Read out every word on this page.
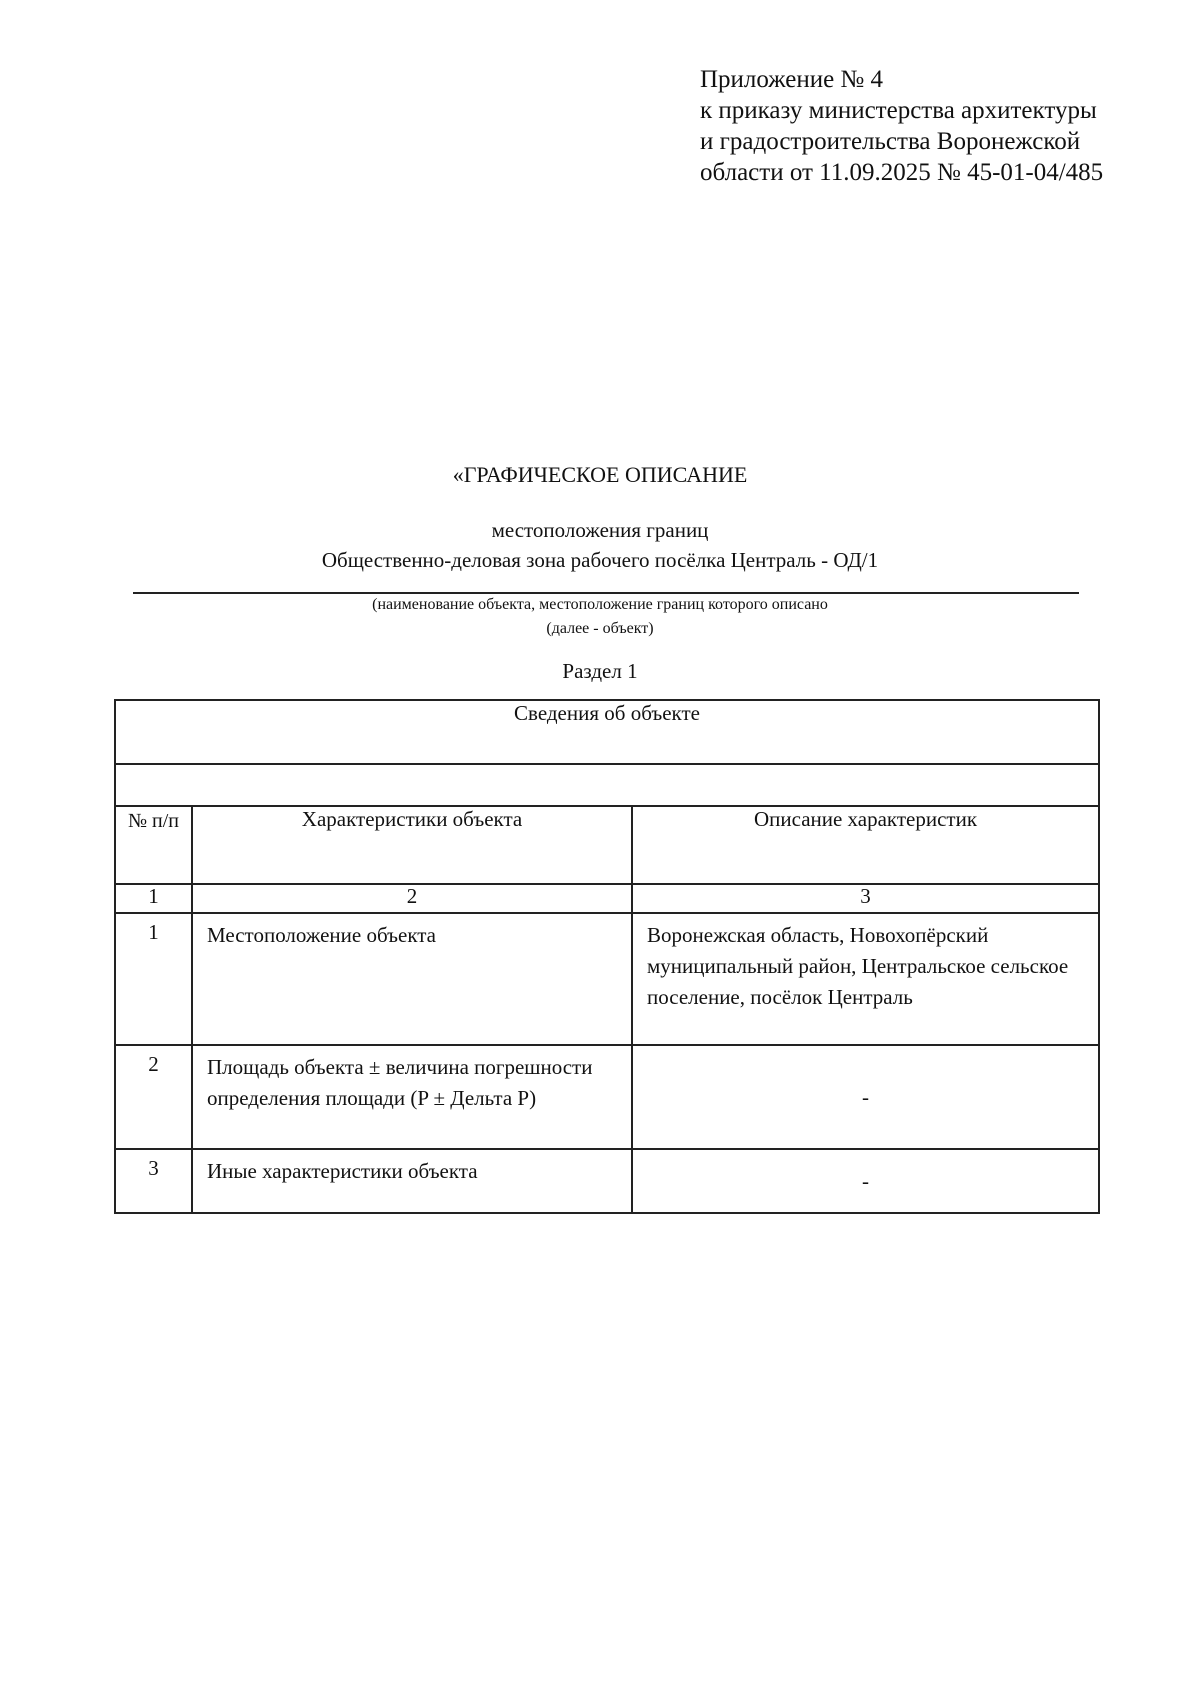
Приложение № 4
к приказу министерства архитектуры
и градостроительства Воронежской
области от 11.09.2025 № 45-01-04/485
«ГРАФИЧЕСКОЕ ОПИСАНИЕ
местоположения границ
Общественно-деловая зона рабочего посёлка Централь - ОД/1
(наименование объекта, местоположение границ которого описано
(далее - объект)
Раздел 1
Сведения об объекте		

№ п/п	Характеристики объекта	Описание характеристик
1	2	3
1	Местоположение объекта	Воронежская область, Новохопёрский муниципальный район, Центральское сельское поселение, посёлок Централь
2	Площадь объекта ± величина погрешности определения площади (P ± Дельта P)	-
3	Иные характеристики объекта	-
